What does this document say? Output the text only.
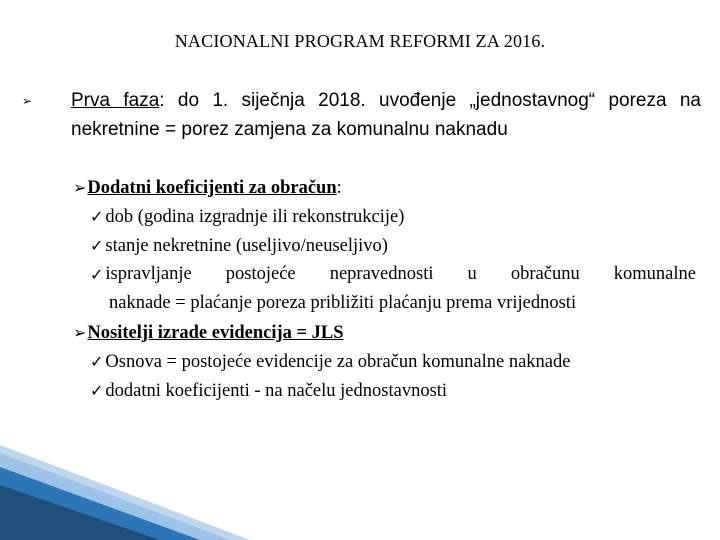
NACIONALNI PROGRAM REFORMI ZA 2016.
➢ Prva faza: do 1. siječnja 2018. uvođenje „jednostavnog“ poreza na nekretnine = porez zamjena za komunalnu naknadu
➢Dodatni koeficijenti za obračun:
✓ dob (godina izgradnje ili rekonstrukcije)
✓ stanje nekretnine (useljivo/neuseljivo)
✓ ispravljanje postojeće nepravednosti u obračunu komunalne
naknade = plaćanje poreza približiti plaćanju prema vrijednosti
➢Nositelji izrade evidencija = JLS
✓ Osnova = postojeće evidencije za obračun komunalne naknade
✓ dodatni koeficijenti - na načelu jednostavnosti
